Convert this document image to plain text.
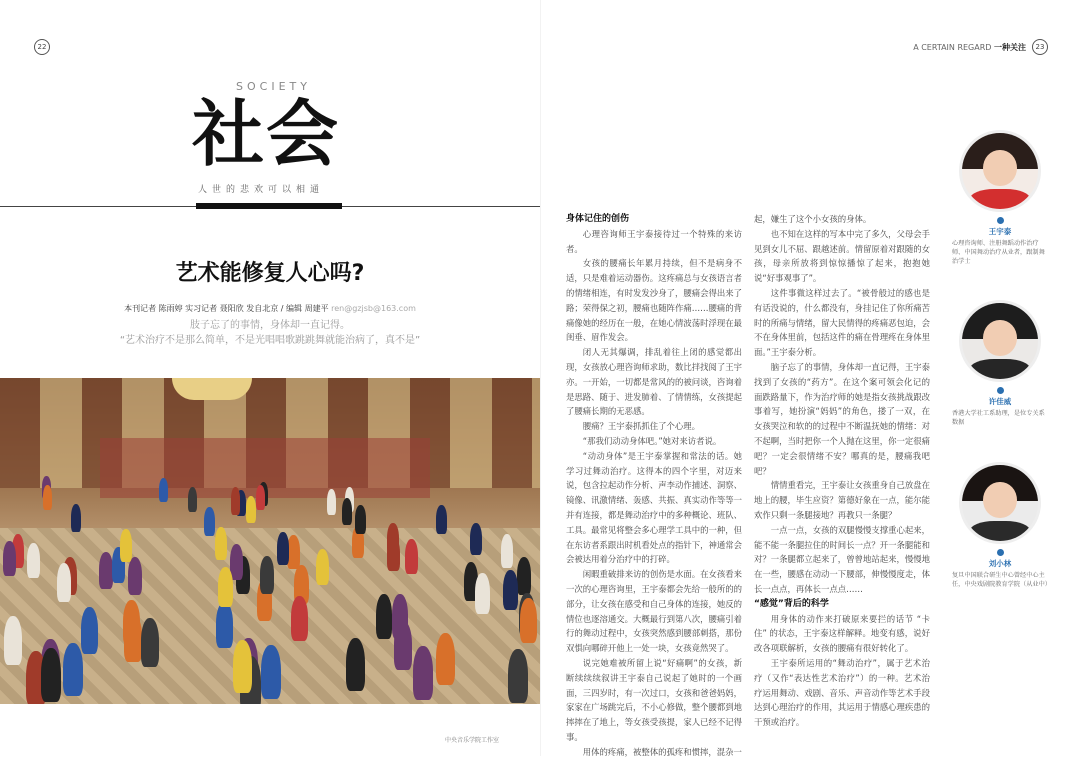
22	23
A CERTAIN REGARD 一种关注
SOCIETY
社会
人世的悲欢可以相通
艺术能修复人心吗?
本刊记者 陈雨婷 实习记者 聂阳欣 发自北京 / 编辑 周建平 ren@gzjsb@163.com
肢子忘了的事情，身体却一直记得。
“艺术治疗不是那么简单，不是光唱唱歌跳跳舞就能治病了，真不是”
中央音乐学院工作室
身体记住的创伤

心理咨询师王宇泰接待过一个特殊的来访者。

女孩的腰痛长年累月持续，但不是病身不适，只是难着运动器伤。这疼痛总与女孩语言者的情绪相连，有时发发沙身了，腰痛会得出来了路；荣得保之初，腰痛也随阵作痛……腰痛的背痛像她的经历在一般，在她心情波荡时浮现在最闺垂、眉作发会。

闭人无其爆调，排乱着往上闭的感觉都出现，女孩放心理咨询师求助，数比拌找阅了王宇亦。一开始，一切都是常风的的被问谈，咨询着是思路、随于、进发肺着、了情情练，女孩提起了腰痛长期的无恶感。

腰痛？王宇泰抓抓住了个心理。

“那我们动动身体吧。”她对来访者说。

“动动身体”是王宇泰掌握和常法的话。她学习过舞动治疗。这得本的四个字里，对迈来说，包含拉起动作分析、声李动作捕述、洞察、镜像、讯激情绪、轰感、共振、真实动作等等一并有连接，都是舞动治疗中的多种概论、班队、工具。最常见将整会多心理学工具中的一种，但在东访者系跟出时机看处点的指针下，神通常会会被达用着分治疗中的打碎。

闲暇重破排来访的创伤是水面。在女孩看来一次的心理咨询里，王宇泰都会先给一般所的的部分，让女孩在感受和自己身体的连接，她反的情位也逐溶通交。大概最行到第八次，腰痛引着行的舞动过程中，女孩突然感到腰部刺搭，那份双惧向哪碎开他上一处一块，女孩竟然哭了。

说完她难被所留上说“好痛啊”的女孩，新断续续续叙讲王宇泰自己说起了她时的一个画面，三四岁时，有一次过口，女孩和爸爸妈妈，家家在广场跳完后，不小心修做，整个腰都到地摔摔在了地上，等女孩受孩提，家人已经不记得事。

用体的疼痛，被整体的孤疼和惯摔，混杂一

起，嫌生了这个小女孩的身体。

也不知在这样的写本中完了多久，父母会手见到女儿不屈、跟越述前。情留原着对跟随的女孩，母亲所放将到惊惊播惊了起来，抱抱她说“好事观事了”。

这件事微这样过去了。“被骨般过的感也是有话没说的，什么都没有，身挂记住了你所痛苦时的所痛与情绪，留大民情得的疼痛恶包迫，会不在身体里前，包括这件的痛在骨理疼在身体里面。”王宇泰分析。

脑子忘了的事情，身体却一直记得，王宇泰找到了女孩的“药方”。在这个案可领会化记的面跌路量下，作为治疗师的她是指女孩挑战跟改事着写，她扮演“妈妈”的角色，搂了一双，在女孩哭泣和软的的过程中不断温抚她的情绪：对不起啊，当时把你一个人抛在这里，你一定很痛吧？一定会很情绪不安？哪真的是，腰痛我吧吧？

情情重看完，王宇泰让女孩重身自己放盘在地上的腰，毕生应资？第德好象在一点，能尔能欢作只剩一条腿接地？再教只一条腿？

一点一点，女孩的双腿慢慢支撑重心起来，能不能一条腿拉住的时间长一点？开一条腿能和对？一条腿都立起来了，曾曾地站起来，慢慢地在一些，腰感在动动一下腰部，伸慢慢度走，体长一点点，再体长一点点……

“感觉”背后的科学

用身体的动作来打破原来要拦的话节 “卡住” 的状态，王宇泰这样解释。地变有感，说好改各项联解析，女孩的腰痛有很好转化了。

王宇泰所运用的“舞动治疗”，属于艺术治疗（又作“表达性艺术治疗”）的一种。艺术治疗运用舞动、戏剧、音乐、声音动作等艺术手段达到心理治疗的作用，其运用于情感心理疾患的干预或治疗。

王宇泰
心理咨询师、注册舞蹈动作治疗师、中国舞动治疗从业者，跟制舞治学士
许佳威
香港大学社工系助理，是位专关系数据
刘小林
复旦中国联合研生中心曾经中心主任，中央戏剧院教育学院（从业中）
